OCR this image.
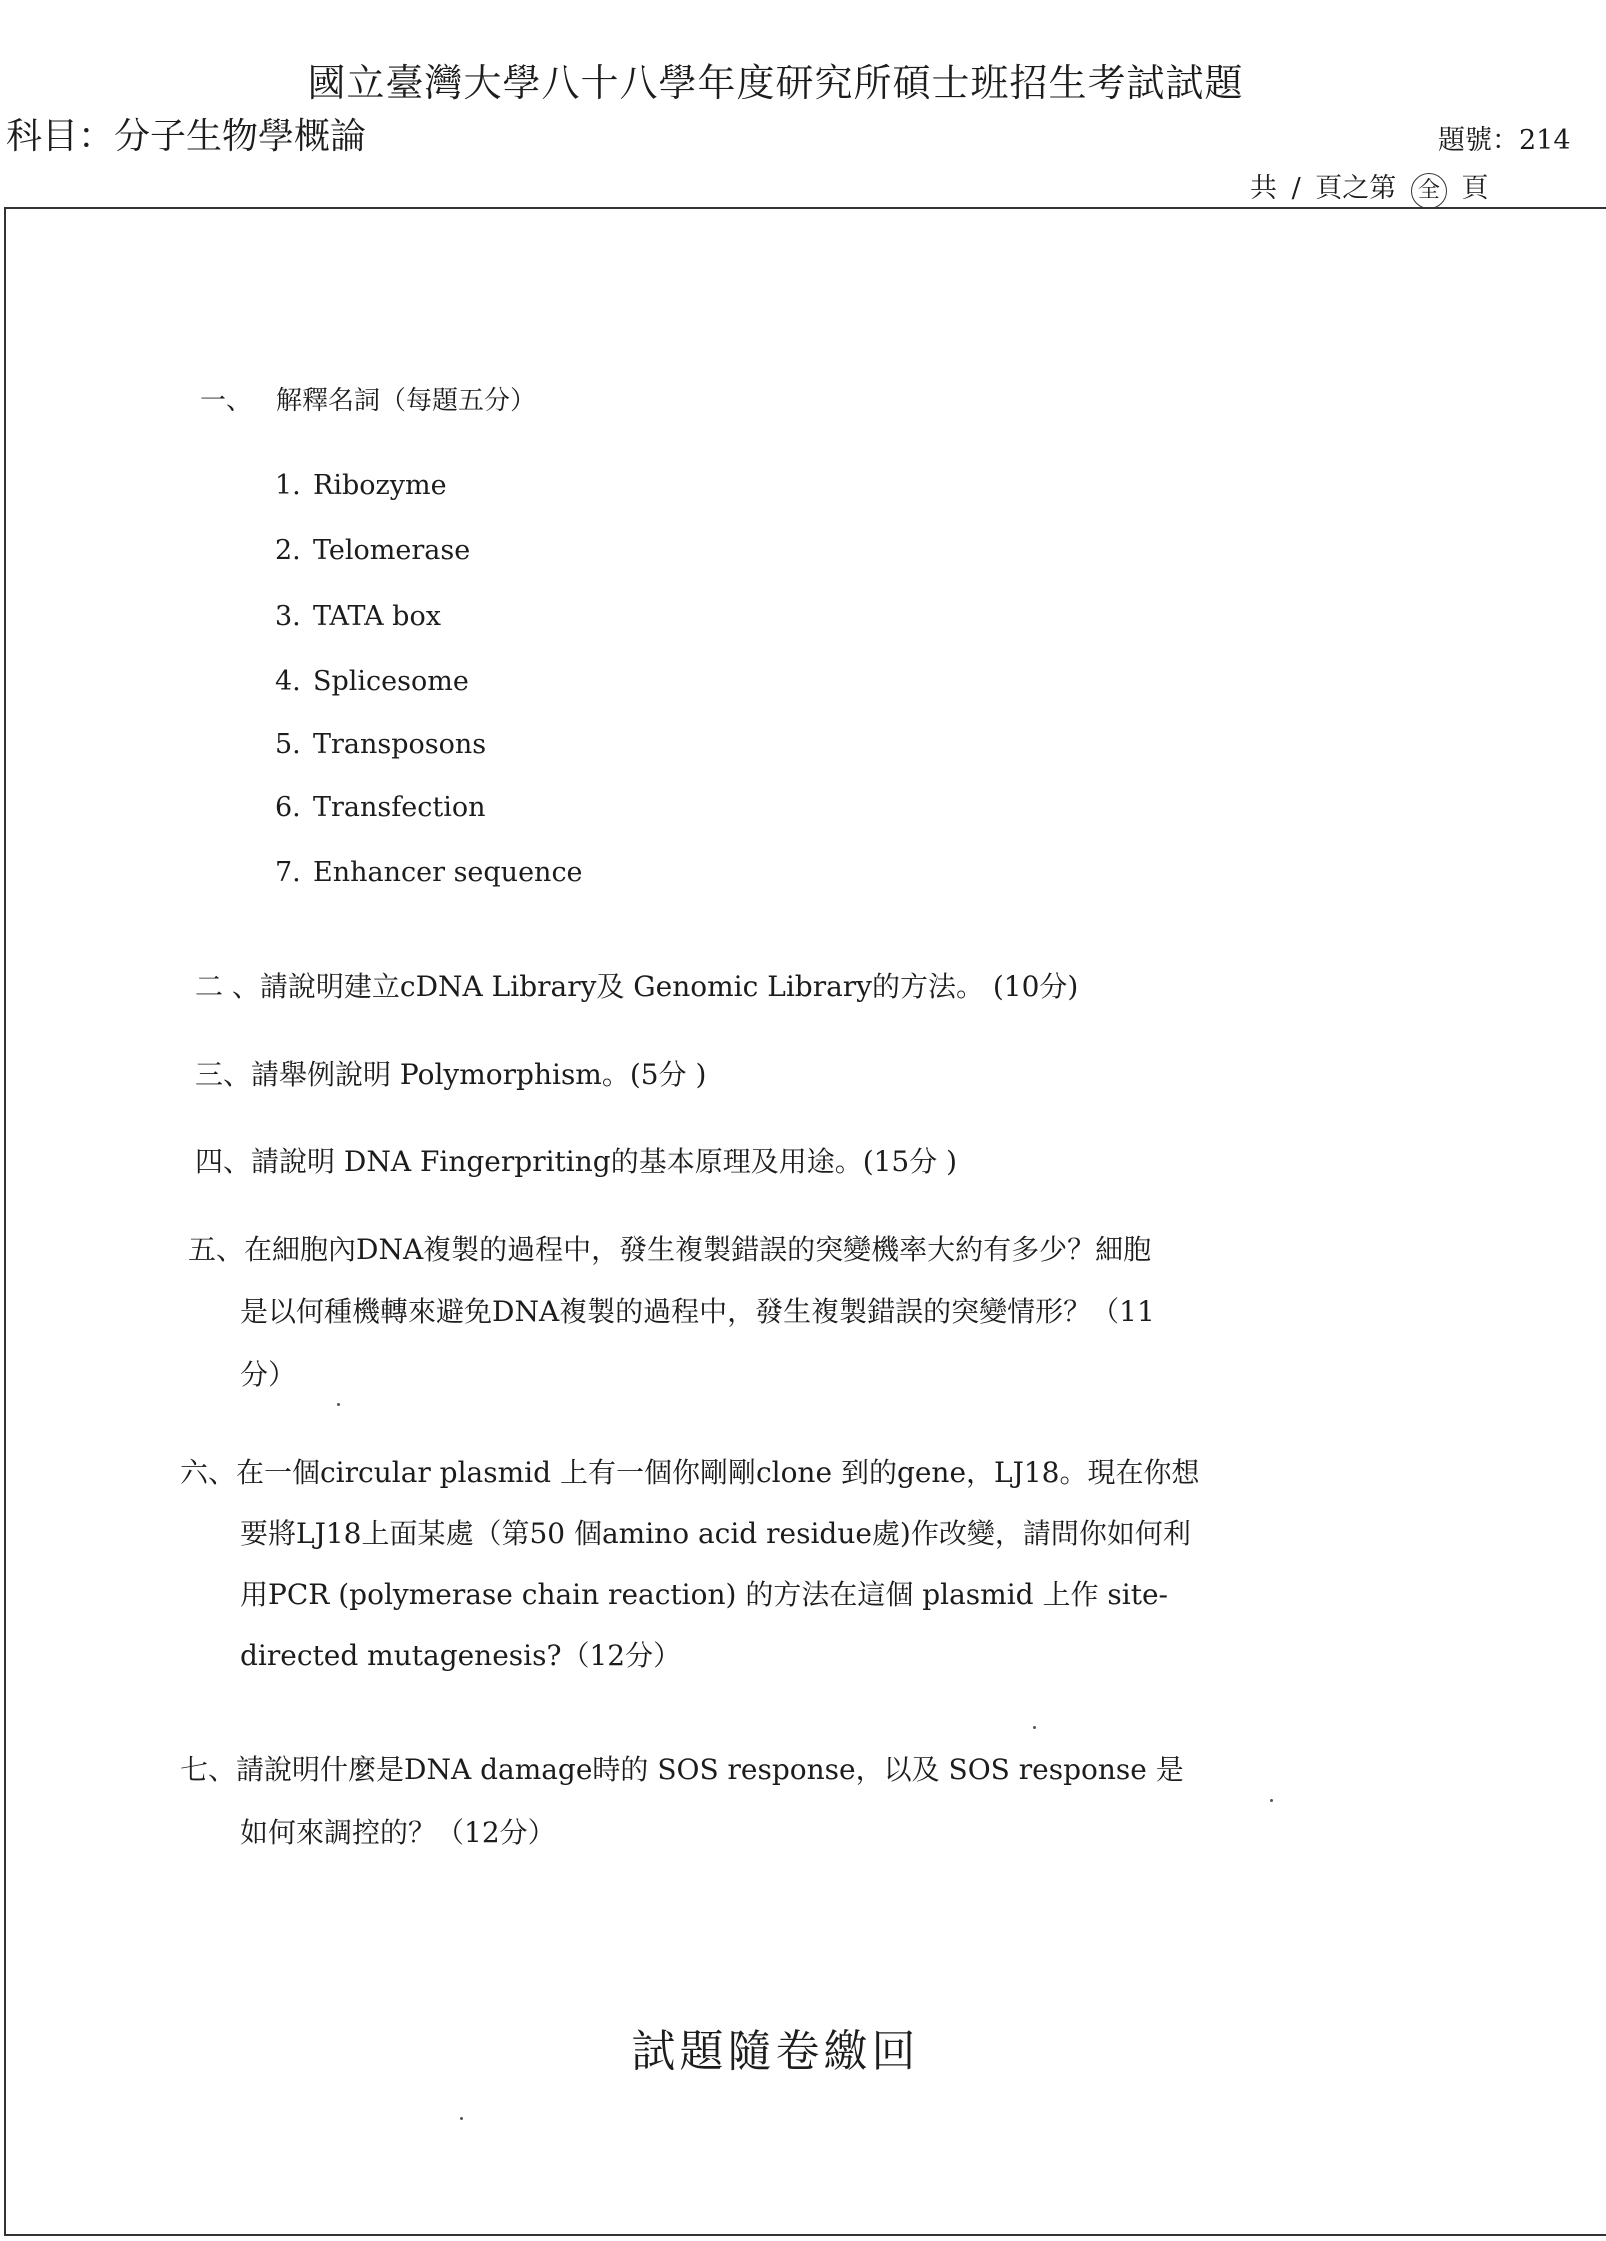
國立臺灣大學八十八學年度研究所碩士班招生考試試題
科目：分子生物學概論	題號：214
共 / 頁之第 全 頁
一、 解釋名詞（每題五分）
1. Ribozyme
2. Telomerase
3. TATA box
4. Splicesome
5. Transposons
6. Transfection
7. Enhancer sequence
二 、請說明建立cDNA Library及 Genomic Library的方法。 (10分)
三、請舉例說明 Polymorphism。(5分 )
四、請說明 DNA Fingerpriting的基本原理及用途。(15分 )
五、在細胞內DNA複製的過程中，發生複製錯誤的突變機率大約有多少？細胞
是以何種機轉來避免DNA複製的過程中，發生複製錯誤的突變情形？（11
分）
六、在一個circular plasmid 上有一個你剛剛clone 到的gene，LJ18。現在你想
要將LJ18上面某處（第50 個amino acid residue處)作改變，請問你如何利
用PCR (polymerase chain reaction) 的方法在這個 plasmid 上作 site-
directed mutagenesis?（12分）
七、請說明什麼是DNA damage時的 SOS response，以及 SOS response 是
如何來調控的？（12分）
試題隨卷繳回
